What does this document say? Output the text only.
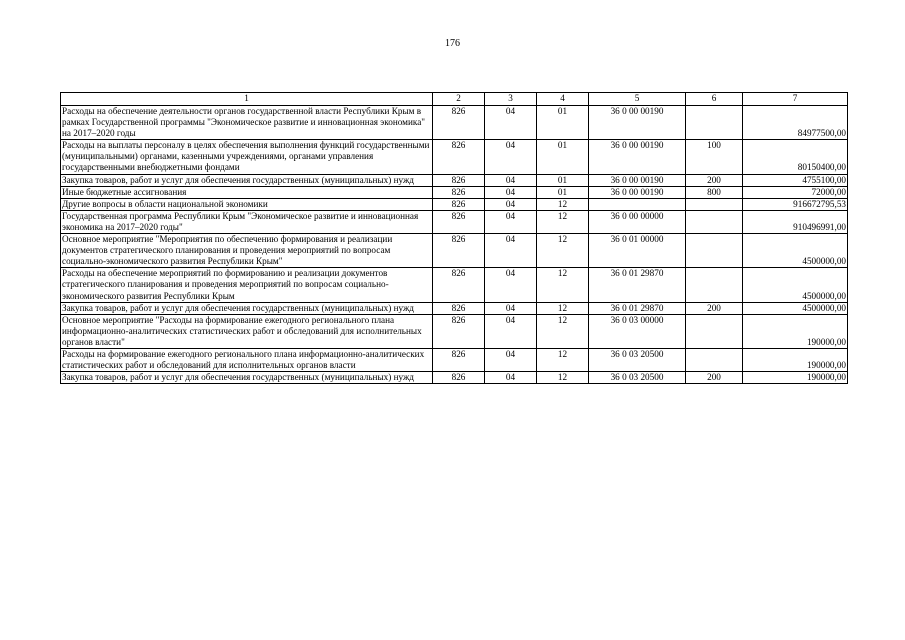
176
1	2	3	4	5	6	7
Расходы на обеспечение деятельности органов государственной власти Республики Крым в рамках Государственной программы "Экономическое развитие и инновационная экономика" на 2017–2020 годы	826	04	01	36 0 00 00190		84977500,00
Расходы на выплаты персоналу в целях обеспечения выполнения функций государственными (муниципальными) органами, казенными учреждениями, органами управления государственными внебюджетными фондами	826	04	01	36 0 00 00190	100	80150400,00
Закупка товаров, работ и услуг для обеспечения государственных (муниципальных) нужд	826	04	01	36 0 00 00190	200	4755100,00
Иные бюджетные ассигнования	826	04	01	36 0 00 00190	800	72000,00
Другие вопросы в области национальной экономики	826	04	12			916672795,53
Государственная программа Республики Крым "Экономическое развитие и инновационная экономика на 2017–2020 годы"	826	04	12	36 0 00 00000		910496991,00
Основное мероприятие "Мероприятия по обеспечению формирования и реализации документов стратегического планирования и проведения мероприятий по вопросам социально-экономического развития Республики Крым"	826	04	12	36 0 01 00000		4500000,00
Расходы на обеспечение мероприятий по формированию и реализации документов стратегического планирования и проведения мероприятий по вопросам социально-экономического развития Республики Крым	826	04	12	36 0 01 29870		4500000,00
Закупка товаров, работ и услуг для обеспечения государственных (муниципальных) нужд	826	04	12	36 0 01 29870	200	4500000,00
Основное мероприятие "Расходы на формирование ежегодного регионального плана информационно-аналитических статистических работ и обследований для исполнительных органов власти"	826	04	12	36 0 03 00000		190000,00
Расходы на формирование ежегодного регионального плана информационно-аналитических статистических работ и обследований для исполнительных органов власти	826	04	12	36 0 03 20500		190000,00
Закупка товаров, работ и услуг для обеспечения государственных (муниципальных) нужд	826	04	12	36 0 03 20500	200	190000,00
